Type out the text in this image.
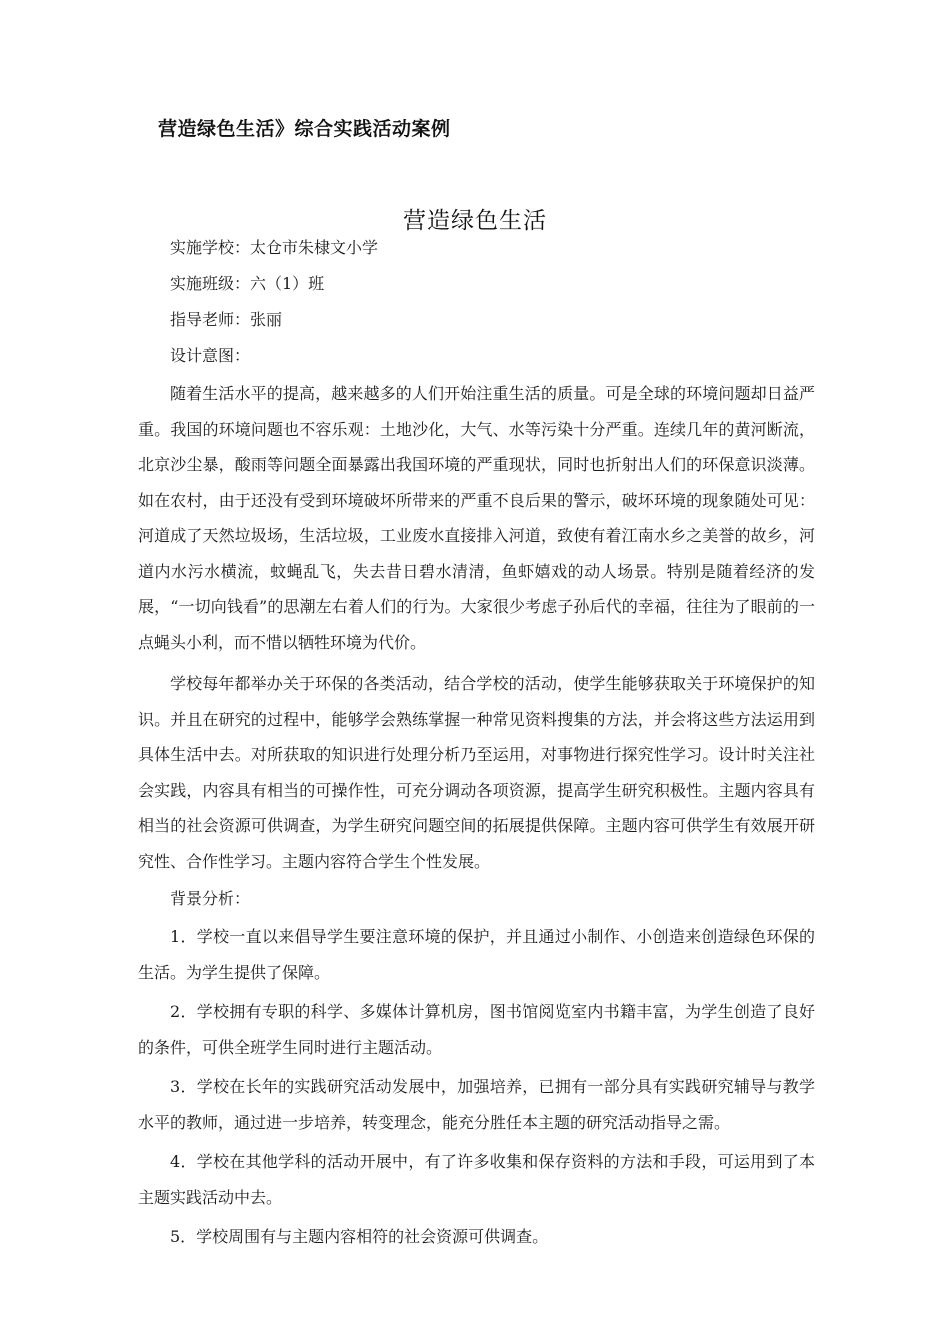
营造绿色生活》综合实践活动案例
营造绿色生活

实施学校：太仓市朱棣文小学

实施班级：六（1）班

指导老师：张丽

设计意图：

随着生活水平的提高，越来越多的人们开始注重生活的质量。可是全球的环境问题却日益严重。我国的环境问题也不容乐观：土地沙化，大气、水等污染十分严重。连续几年的黄河断流，北京沙尘暴，酸雨等问题全面暴露出我国环境的严重现状，同时也折射出人们的环保意识淡薄。如在农村，由于还没有受到环境破坏所带来的严重不良后果的警示，破坏环境的现象随处可见：河道成了天然垃圾场，生活垃圾，工业废水直接排入河道，致使有着江南水乡之美誉的故乡，河道内水污水横流，蚊蝇乱飞，失去昔日碧水清清，鱼虾嬉戏的动人场景。特别是随着经济的发展，“一切向钱看”的思潮左右着人们的行为。大家很少考虑子孙后代的幸福，往往为了眼前的一点蝇头小利，而不惜以牺牲环境为代价。

学校每年都举办关于环保的各类活动，结合学校的活动，使学生能够获取关于环境保护的知识。并且在研究的过程中，能够学会熟练掌握一种常见资料搜集的方法，并会将这些方法运用到具体生活中去。对所获取的知识进行处理分析乃至运用，对事物进行探究性学习。设计时关注社会实践，内容具有相当的可操作性，可充分调动各项资源，提高学生研究积极性。主题内容具有相当的社会资源可供调查，为学生研究问题空间的拓展提供保障。主题内容可供学生有效展开研究性、合作性学习。主题内容符合学生个性发展。

背景分析：

1．学校一直以来倡导学生要注意环境的保护，并且通过小制作、小创造来创造绿色环保的生活。为学生提供了保障。

2．学校拥有专职的科学、多媒体计算机房，图书馆阅览室内书籍丰富，为学生创造了良好的条件，可供全班学生同时进行主题活动。

3．学校在长年的实践研究活动发展中，加强培养，已拥有一部分具有实践研究辅导与教学水平的教师，通过进一步培养，转变理念，能充分胜任本主题的研究活动指导之需。

4．学校在其他学科的活动开展中，有了许多收集和保存资料的方法和手段，可运用到了本主题实践活动中去。

5．学校周围有与主题内容相符的社会资源可供调查。
